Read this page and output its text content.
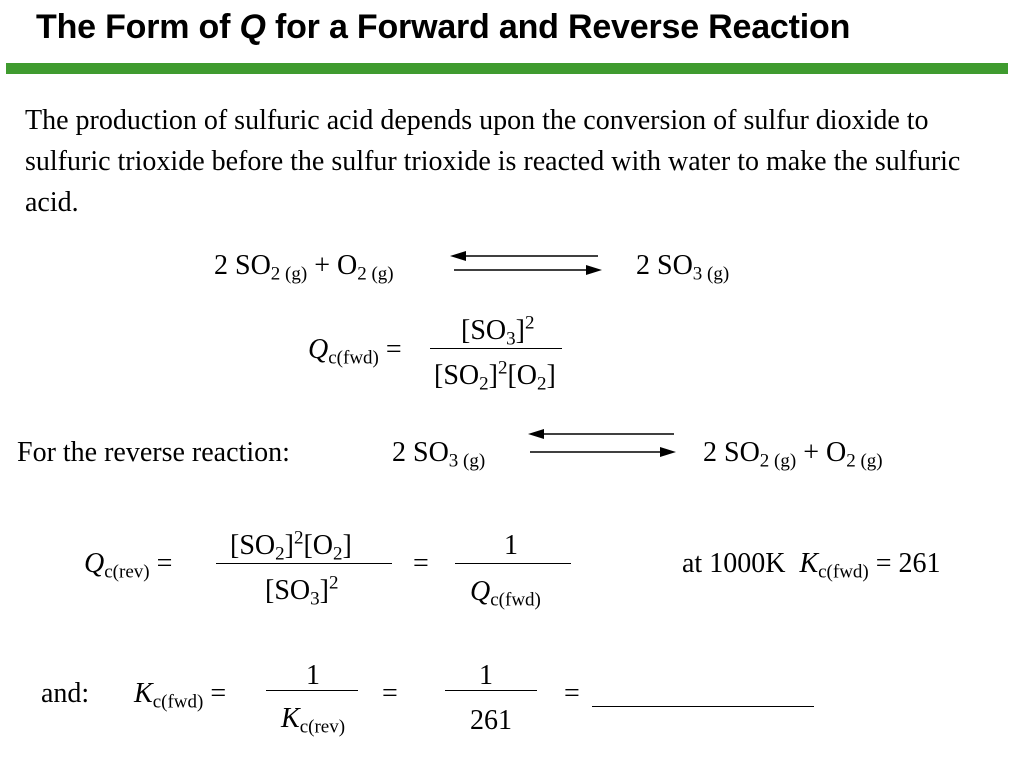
The Form of Q for a Forward and Reverse Reaction
The production of sulfuric acid depends upon the conversion of sulfur dioxide to sulfuric trioxide before the sulfur trioxide is reacted with water to make the sulfuric acid.
2 $SO_{2 (g)} + O_{2 (g)}$	2 $SO_{3 (g)}$
$Q_{c(fwd)}$ =
$[SO_3]^2$
$[SO_2]^2[O_2]$
For the reverse reaction:	2 $SO_{3 (g)}$	2 $SO_{2 (g)} + O_{2 (g)}$
$Q_{c(rev)}$ =
$[SO_2]^2[O_2]$
$[SO_3]^2$
=
1
$Q_{c(fwd)}$
at 1000K  $K_{c(fwd)} = 261$
and: $K_{c(fwd)}$ =
1
$K_{c(rev)}$
=
1
261
=
